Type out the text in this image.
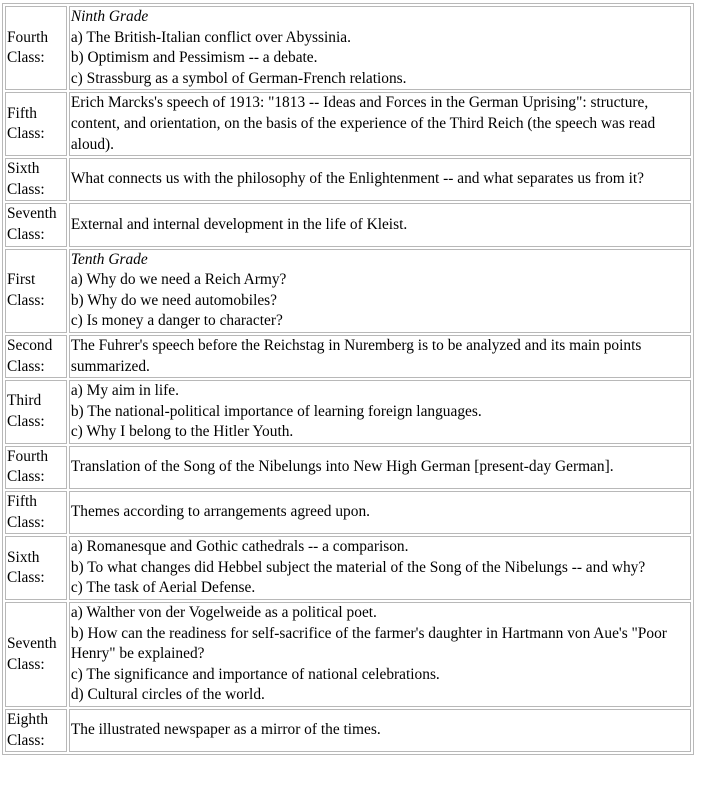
Fourth Class:	Ninth Grade
a) The British-Italian conflict over Abyssinia.
b) Optimism and Pessimism -- a debate.
c) Strassburg as a symbol of German-French relations.

Fifth Class:	Erich Marcks's speech of 1913: "1813 -- Ideas and Forces in the German Uprising": structure, content, and orientation, on the basis of the experience of the Third Reich (the speech was read aloud).
Sixth Class:	What connects us with the philosophy of the Enlightenment -- and what separates us from it?
Seventh Class:	External and internal development in the life of Kleist.
First Class:	Tenth Grade
a) Why do we need a Reich Army?
b) Why do we need automobiles?
c) Is money a danger to character?

Second Class:	The Fuhrer's speech before the Reichstag in Nuremberg is to be analyzed and its main points summarized.
Third Class:	a) My aim in life.
b) The national-political importance of learning foreign languages.
c) Why I belong to the Hitler Youth.

Fourth Class:	Translation of the Song of the Nibelungs into New High German [present-day German].
Fifth Class:	Themes according to arrangements agreed upon.
Sixth Class:	a) Romanesque and Gothic cathedrals -- a comparison.
b) To what changes did Hebbel subject the material of the Song of the Nibelungs -- and why?
c) The task of Aerial Defense.

Seventh Class:	a) Walther von der Vogelweide as a political poet.
b) How can the readiness for self-sacrifice of the farmer's daughter in Hartmann von Aue's "Poor Henry" be explained?
c) The significance and importance of national celebrations.
d) Cultural circles of the world.

Eighth Class:	The illustrated newspaper as a mirror of the times.
